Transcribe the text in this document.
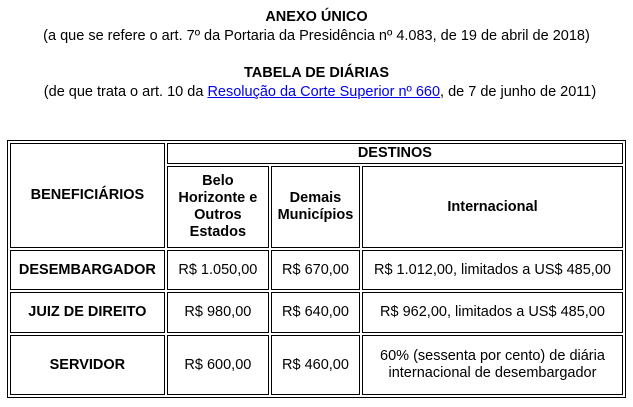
ANEXO ÚNICO
(a que se refere o art. 7º da Portaria da Presidência nº 4.083, de 19 de abril de 2018)
TABELA DE DIÁRIAS
(de que trata o art. 10 da Resolução da Corte Superior nº 660, de 7 de junho de 2011)
BENEFICIÁRIOS	DESTINOS		
	Belo Horizonte e Outros Estados	Demais Municípios	Internacional
DESEMBARGADOR	R$ 1.050,00	R$ 670,00	R$ 1.012,00, limitados a US$ 485,00
JUIZ DE DIREITO	R$ 980,00	R$ 640,00	R$ 962,00, limitados a US$ 485,00
SERVIDOR	R$ 600,00	R$ 460,00	60% (sessenta por cento) de diária internacional de desembargador
